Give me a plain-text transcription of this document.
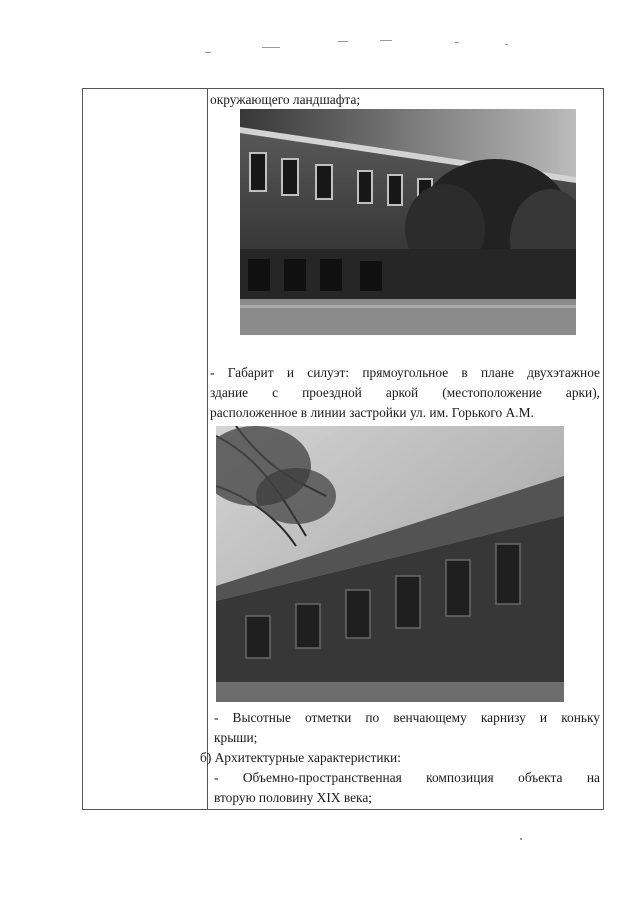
окружающего ландшафта;
- Габарит и силуэт: прямоугольное в плане двухэтажное
здание с проездной аркой (местоположение арки),
расположенное в линии застройки ул. им. Горького А.М.
- Высотные отметки по венчающему карнизу и коньку
крыши;
б) Архитектурные характеристики:
- Объемно-пространственная композиция объекта на
вторую половину XIX века;
